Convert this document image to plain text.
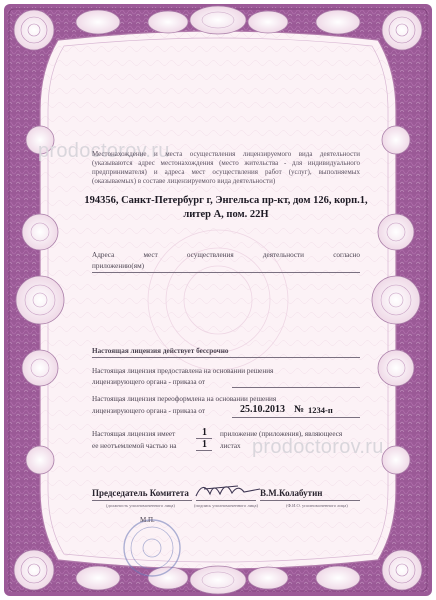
prodoctorov.ru
prodoctorov.ru
Местонахождение и места осуществления лицензируемого вида деятельности (указываются адрес местонахождения (место жительства - для индивидуального предпринимателя) и адреса мест осуществления работ (услуг), выполняемых (оказываемых) в составе лицензируемого вида деятельности)
194356, Санкт-Петербург г, Энгельса пр-кт, дом 126, корп.1,
литер А, пом. 22Н
Адреса мест осуществления деятельности согласно
приложению(ям)
Настоящая лицензия действует бессрочно
Настоящая лицензия предоставлена на основании решения
лицензирующего органа - приказа от
Настоящая лицензия переоформлена на основании решения
лицензирующего органа - приказа от	25.10.2013 № 1234-п
Настоящая лицензия имеет	1 приложение (приложения), являющееся
ее неотъемлемой частью на	1 листах
Председатель Комитета	В.М.Колабутин
(должность уполномоченного лица)	(подпись уполномоченного лица)	(Ф.И.О. уполномоченного лица)
М.П.
